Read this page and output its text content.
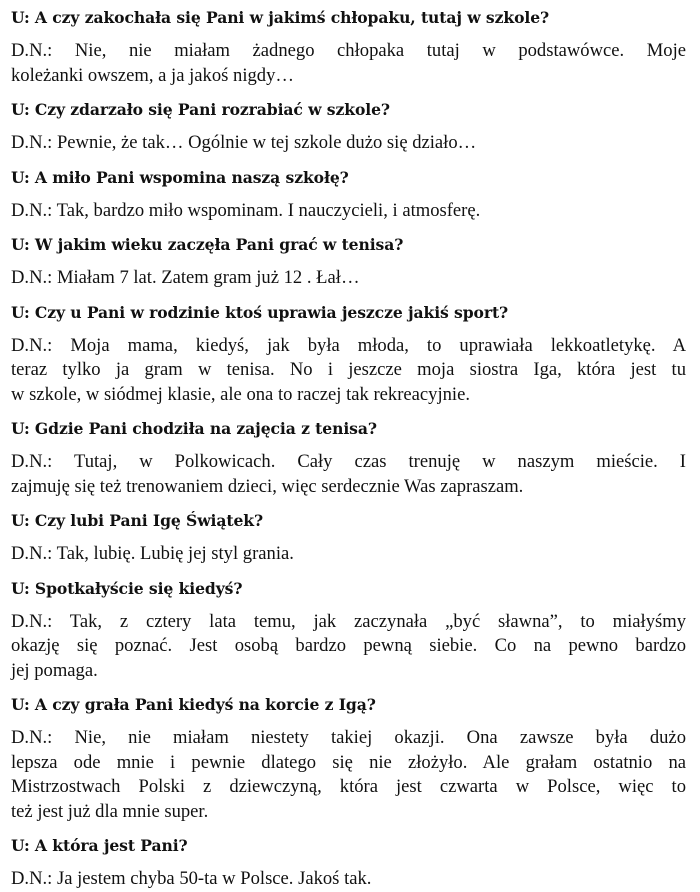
U: A czy zakochała się Pani w jakimś chłopaku, tutaj w szkole?

D.N.: Nie, nie miałam żadnego chłopaka tutaj w podstawówce. Moje
koleżanki owszem, a ja jakoś nigdy…

U: Czy zdarzało się Pani rozrabiać w szkole?

D.N.: Pewnie, że tak… Ogólnie w tej szkole dużo się działo…

U: A miło Pani wspomina naszą szkołę?

D.N.: Tak, bardzo miło wspominam. I nauczycieli, i atmosferę.

U: W jakim wieku zaczęła Pani grać w tenisa?

D.N.: Miałam 7 lat. Zatem gram już 12 . Łał…

U: Czy u Pani w rodzinie ktoś uprawia jeszcze jakiś sport?

D.N.: Moja mama, kiedyś, jak była młoda, to uprawiała lekkoatletykę. A
teraz tylko ja gram w tenisa. No i jeszcze moja siostra Iga, która jest tu
w szkole, w siódmej klasie, ale ona to raczej tak rekreacyjnie.

U: Gdzie Pani chodziła na zajęcia z tenisa?

D.N.: Tutaj, w Polkowicach. Cały czas trenuję w naszym mieście. I
zajmuję się też trenowaniem dzieci, więc serdecznie Was zapraszam.

U: Czy lubi Pani Igę Świątek?

D.N.: Tak, lubię. Lubię jej styl grania.

U: Spotkałyście się kiedyś?

D.N.: Tak, z cztery lata temu, jak zaczynała „być sławna”, to miałyśmy
okazję się poznać. Jest osobą bardzo pewną siebie. Co na pewno bardzo
jej pomaga.

U: A czy grała Pani kiedyś na korcie z Igą?

D.N.: Nie, nie miałam niestety takiej okazji. Ona zawsze była dużo
lepsza ode mnie i pewnie dlatego się nie złożyło. Ale grałam ostatnio na
Mistrzostwach Polski z dziewczyną, która jest czwarta w Polsce, więc to
też jest już dla mnie super.

U: A która jest Pani?

D.N.: Ja jestem chyba 50-ta w Polsce. Jakoś tak.
